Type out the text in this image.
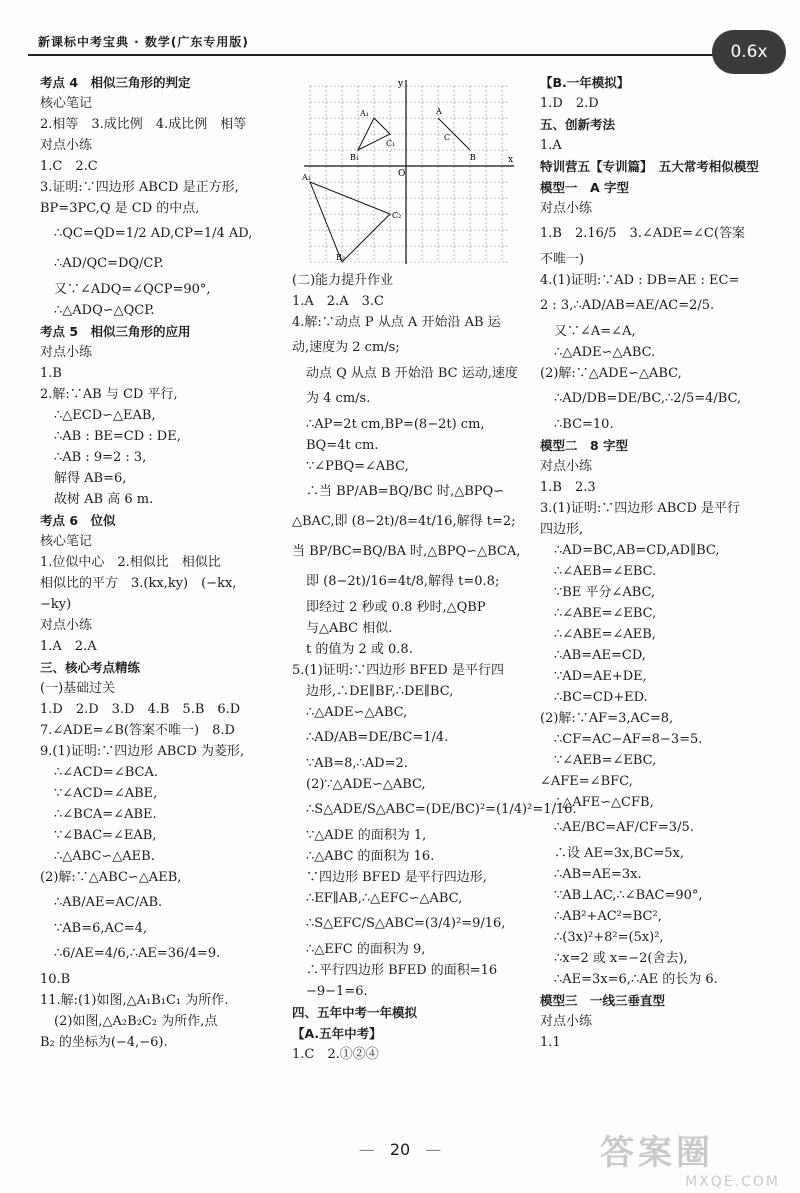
新课标中考宝典 · 数学(广东专用版)	0.6x
考点 4　相似三角形的判定
核心笔记
2.相等　3.成比例　4.成比例　相等
对点小练
1.C　2.C
3.证明:∵四边形 ABCD 是正方形,
BP=3PC,Q 是 CD 的中点,
∴QC=QD=1/2 AD,CP=1/4 AD,
∴AD/QC=DQ/CP.
又∵∠ADQ=∠QCP=90°,
∴△ADQ∽△QCP.
考点 5　相似三角形的应用
对点小练
1.B
2.解:∵AB 与 CD 平行,
∴△ECD∽△EAB,
∴AB : BE=CD : DE,
∴AB : 9=2 : 3,
解得 AB=6,
故树 AB 高 6 m.
考点 6　位似
核心笔记
1.位似中心　2.相似比　相似比
相似比的平方　3.(kx,ky)　(−kx,
−ky)
对点小练
1.A　2.A
三、核心考点精练
(一)基础过关
1.D　2.D　3.D　4.B　5.B　6.D
7.∠ADE=∠B(答案不唯一)　8.D
9.(1)证明:∵四边形 ABCD 为菱形,
∴∠ACD=∠BCA.
∵∠ACD=∠ABE,
∴∠BCA=∠ABE.
∵∠BAC=∠EAB,
∴△ABC∽△AEB.
(2)解:∵△ABC∽△AEB,
∴AB/AE=AC/AB.
∵AB=6,AC=4,
∴6/AE=4/6,∴AE=36/4=9.
10.B
11.解:(1)如图,△A₁B₁C₁ 为所作.
(2)如图,△A₂B₂C₂ 为所作,点
B₂ 的坐标为(−4,−6).
y
x
O
A₁
B₁
C₁
A
B
C
A₂
B₂
C₂
(二)能力提升作业
1.A　2.A　3.C
4.解:∵动点 P 从点 A 开始沿 AB 运
动,速度为 2 cm/s;
动点 Q 从点 B 开始沿 BC 运动,速度
为 4 cm/s.
∴AP=2t cm,BP=(8−2t) cm,
BQ=4t cm.
∵∠PBQ=∠ABC,
∴当 BP/AB=BQ/BC 时,△BPQ∽
△BAC,即 (8−2t)/8=4t/16,解得 t=2;
当 BP/BC=BQ/BA 时,△BPQ∽△BCA,
即 (8−2t)/16=4t/8,解得 t=0.8;
即经过 2 秒或 0.8 秒时,△QBP
与△ABC 相似.
t 的值为 2 或 0.8.
5.(1)证明:∵四边形 BFED 是平行四
边形,∴DE∥BF,∴DE∥BC,
∴△ADE∽△ABC,
∴AD/AB=DE/BC=1/4.
∵AB=8,∴AD=2.
(2)∵△ADE∽△ABC,
∴S△ADE/S△ABC=(DE/BC)²=(1/4)²=1/16.
∵△ADE 的面积为 1,
∴△ABC 的面积为 16.
∵四边形 BFED 是平行四边形,
∴EF∥AB,∴△EFC∽△ABC,
∴S△EFC/S△ABC=(3/4)²=9/16,
∴△EFC 的面积为 9,
∴平行四边形 BFED 的面积=16
−9−1=6.
四、五年中考一年模拟
【A.五年中考】
1.C　2.①②④
【B.一年模拟】
1.D　2.D
五、创新考法
1.A
特训营五【专训篇】　五大常考相似模型
模型一　A 字型
对点小练
1.B　2.16/5　3.∠ADE=∠C(答案
不唯一)
4.(1)证明:∵AD : DB=AE : EC=
2 : 3,∴AD/AB=AE/AC=2/5.
又∵∠A=∠A,
∴△ADE∽△ABC.
(2)解:∵△ADE∽△ABC,
∴AD/DB=DE/BC,∴2/5=4/BC,
∴BC=10.
模型二　8 字型
对点小练
1.B　2.3
3.(1)证明:∵四边形 ABCD 是平行
四边形,
∴AD=BC,AB=CD,AD∥BC,
∴∠AEB=∠EBC.
∵BE 平分∠ABC,
∴∠ABE=∠EBC,
∴∠ABE=∠AEB,
∴AB=AE=CD,
∵AD=AE+DE,
∴BC=CD+ED.
(2)解:∵AF=3,AC=8,
∴CF=AC−AF=8−3=5.
∵∠AEB=∠EBC,
∠AFE=∠BFC,
∴△AFE∽△CFB,
∴AE/BC=AF/CF=3/5.
∴设 AE=3x,BC=5x,
∴AB=AE=3x.
∵AB⊥AC,∴∠BAC=90°,
∴AB²+AC²=BC²,
∴(3x)²+8²=(5x)²,
∴x=2 或 x=−2(舍去),
∴AE=3x=6,∴AE 的长为 6.
模型三　一线三垂直型
对点小练
1.1
— 20 —	答案圈
MXQE.COM
